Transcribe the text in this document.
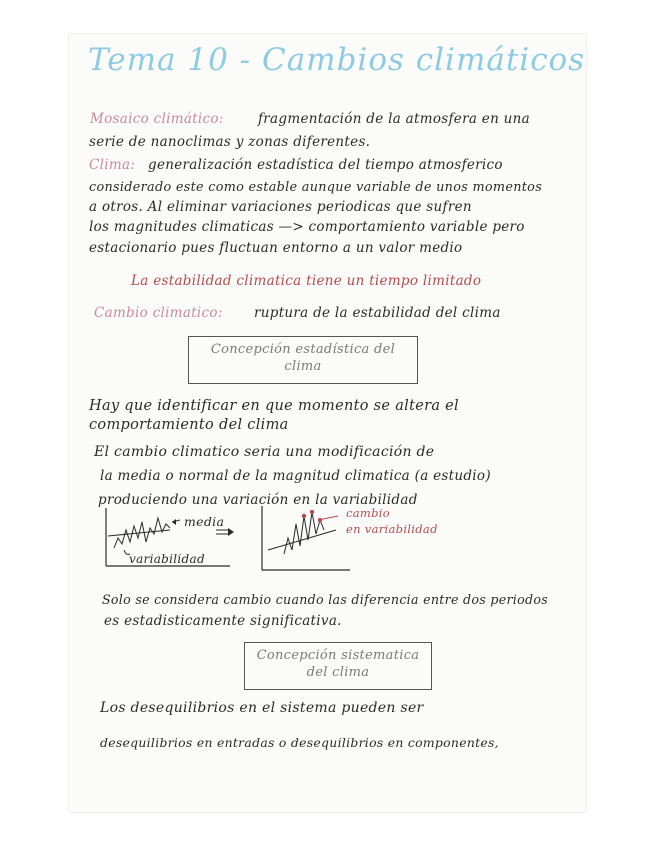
Tema 10 - Cambios climáticos
Mosaico climático:	fragmentación de la atmosfera en una
serie de nanoclimas y zonas diferentes.
Clima: generalización estadística del tiempo atmosferico
considerado este como estable aunque variable de unos momentos
a otros. Al eliminar variaciones periodicas que sufren
los magnitudes climaticas —> comportamiento variable pero
estacionario pues fluctuan entorno a un valor medio
La estabilidad climatica tiene un tiempo limitado
Cambio climatico: ruptura de la estabilidad del clima
Concepción estadística del
clima
Hay que identificar en que momento se altera el
comportamiento del clima
El cambio climatico seria una modificación de
la media o normal de la magnitud climatica (a estudio)
produciendo una variación en la variabilidad
media
variabilidad
cambio
en variabilidad
Solo se considera cambio cuando las diferencia entre dos periodos
es estadisticamente significativa.
Concepción sistematica
del clima
Los desequilibrios en el sistema pueden ser
desequilibrios en entradas o desequilibrios en componentes,
